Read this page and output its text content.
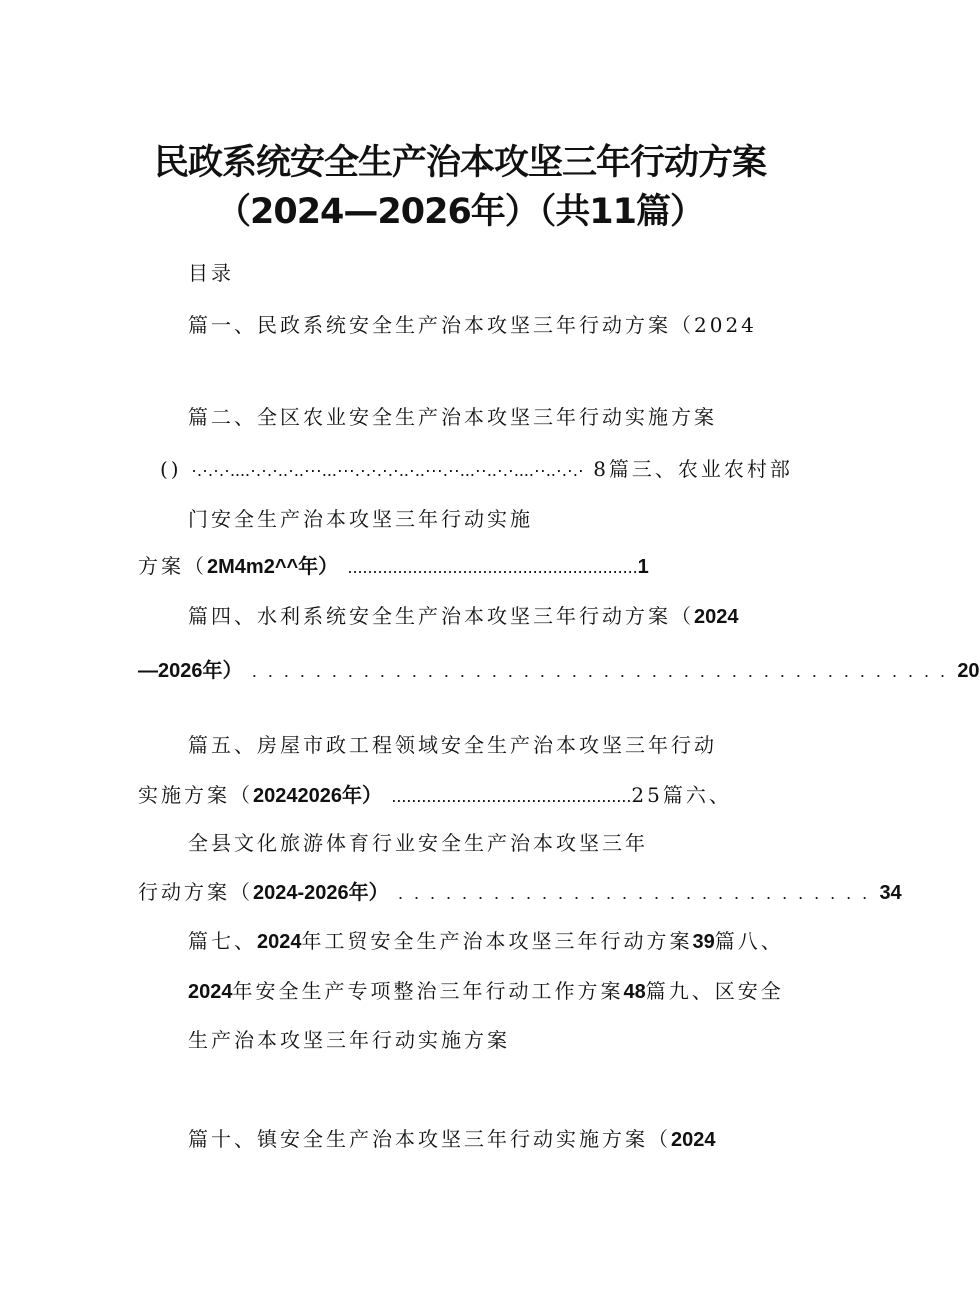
民政系统安全生产治本攻坚三年行动方案
（2024—2026年）（共11篇）
目录
篇一、民政系统安全生产治本攻坚三年行动方案（2024
篇二、全区农业安全生产治本攻坚三年行动实施方案
() ·.·.·.·....·.·.·..·..···...···.·.·.·.·..·..···.··...··..·.·....··..·.·.· 8篇三、农业农村部
门安全生产治本攻坚三年行动实施
方案（2M4m2^^年） ..........................................................1
篇四、水利系统安全生产治本攻坚三年行动方案（2024
—2026年） . . . . . . . . . . . . . . . . . . . . . . . . . . . . . . . . . . . . . . . . . . . . 20
篇五、房屋市政工程领域安全生产治本攻坚三年行动
实施方案（20242026年） ................................................25篇六、
全县文化旅游体育行业安全生产治本攻坚三年
行动方案（2024-2026年） . . . . . . . . . . . . . . . . . . . . . . . . . . . . . . 34
篇七、2024年工贸安全生产治本攻坚三年行动方案39篇八、
2024年安全生产专项整治三年行动工作方案48篇九、区安全
生产治本攻坚三年行动实施方案
篇十、镇安全生产治本攻坚三年行动实施方案（2024
